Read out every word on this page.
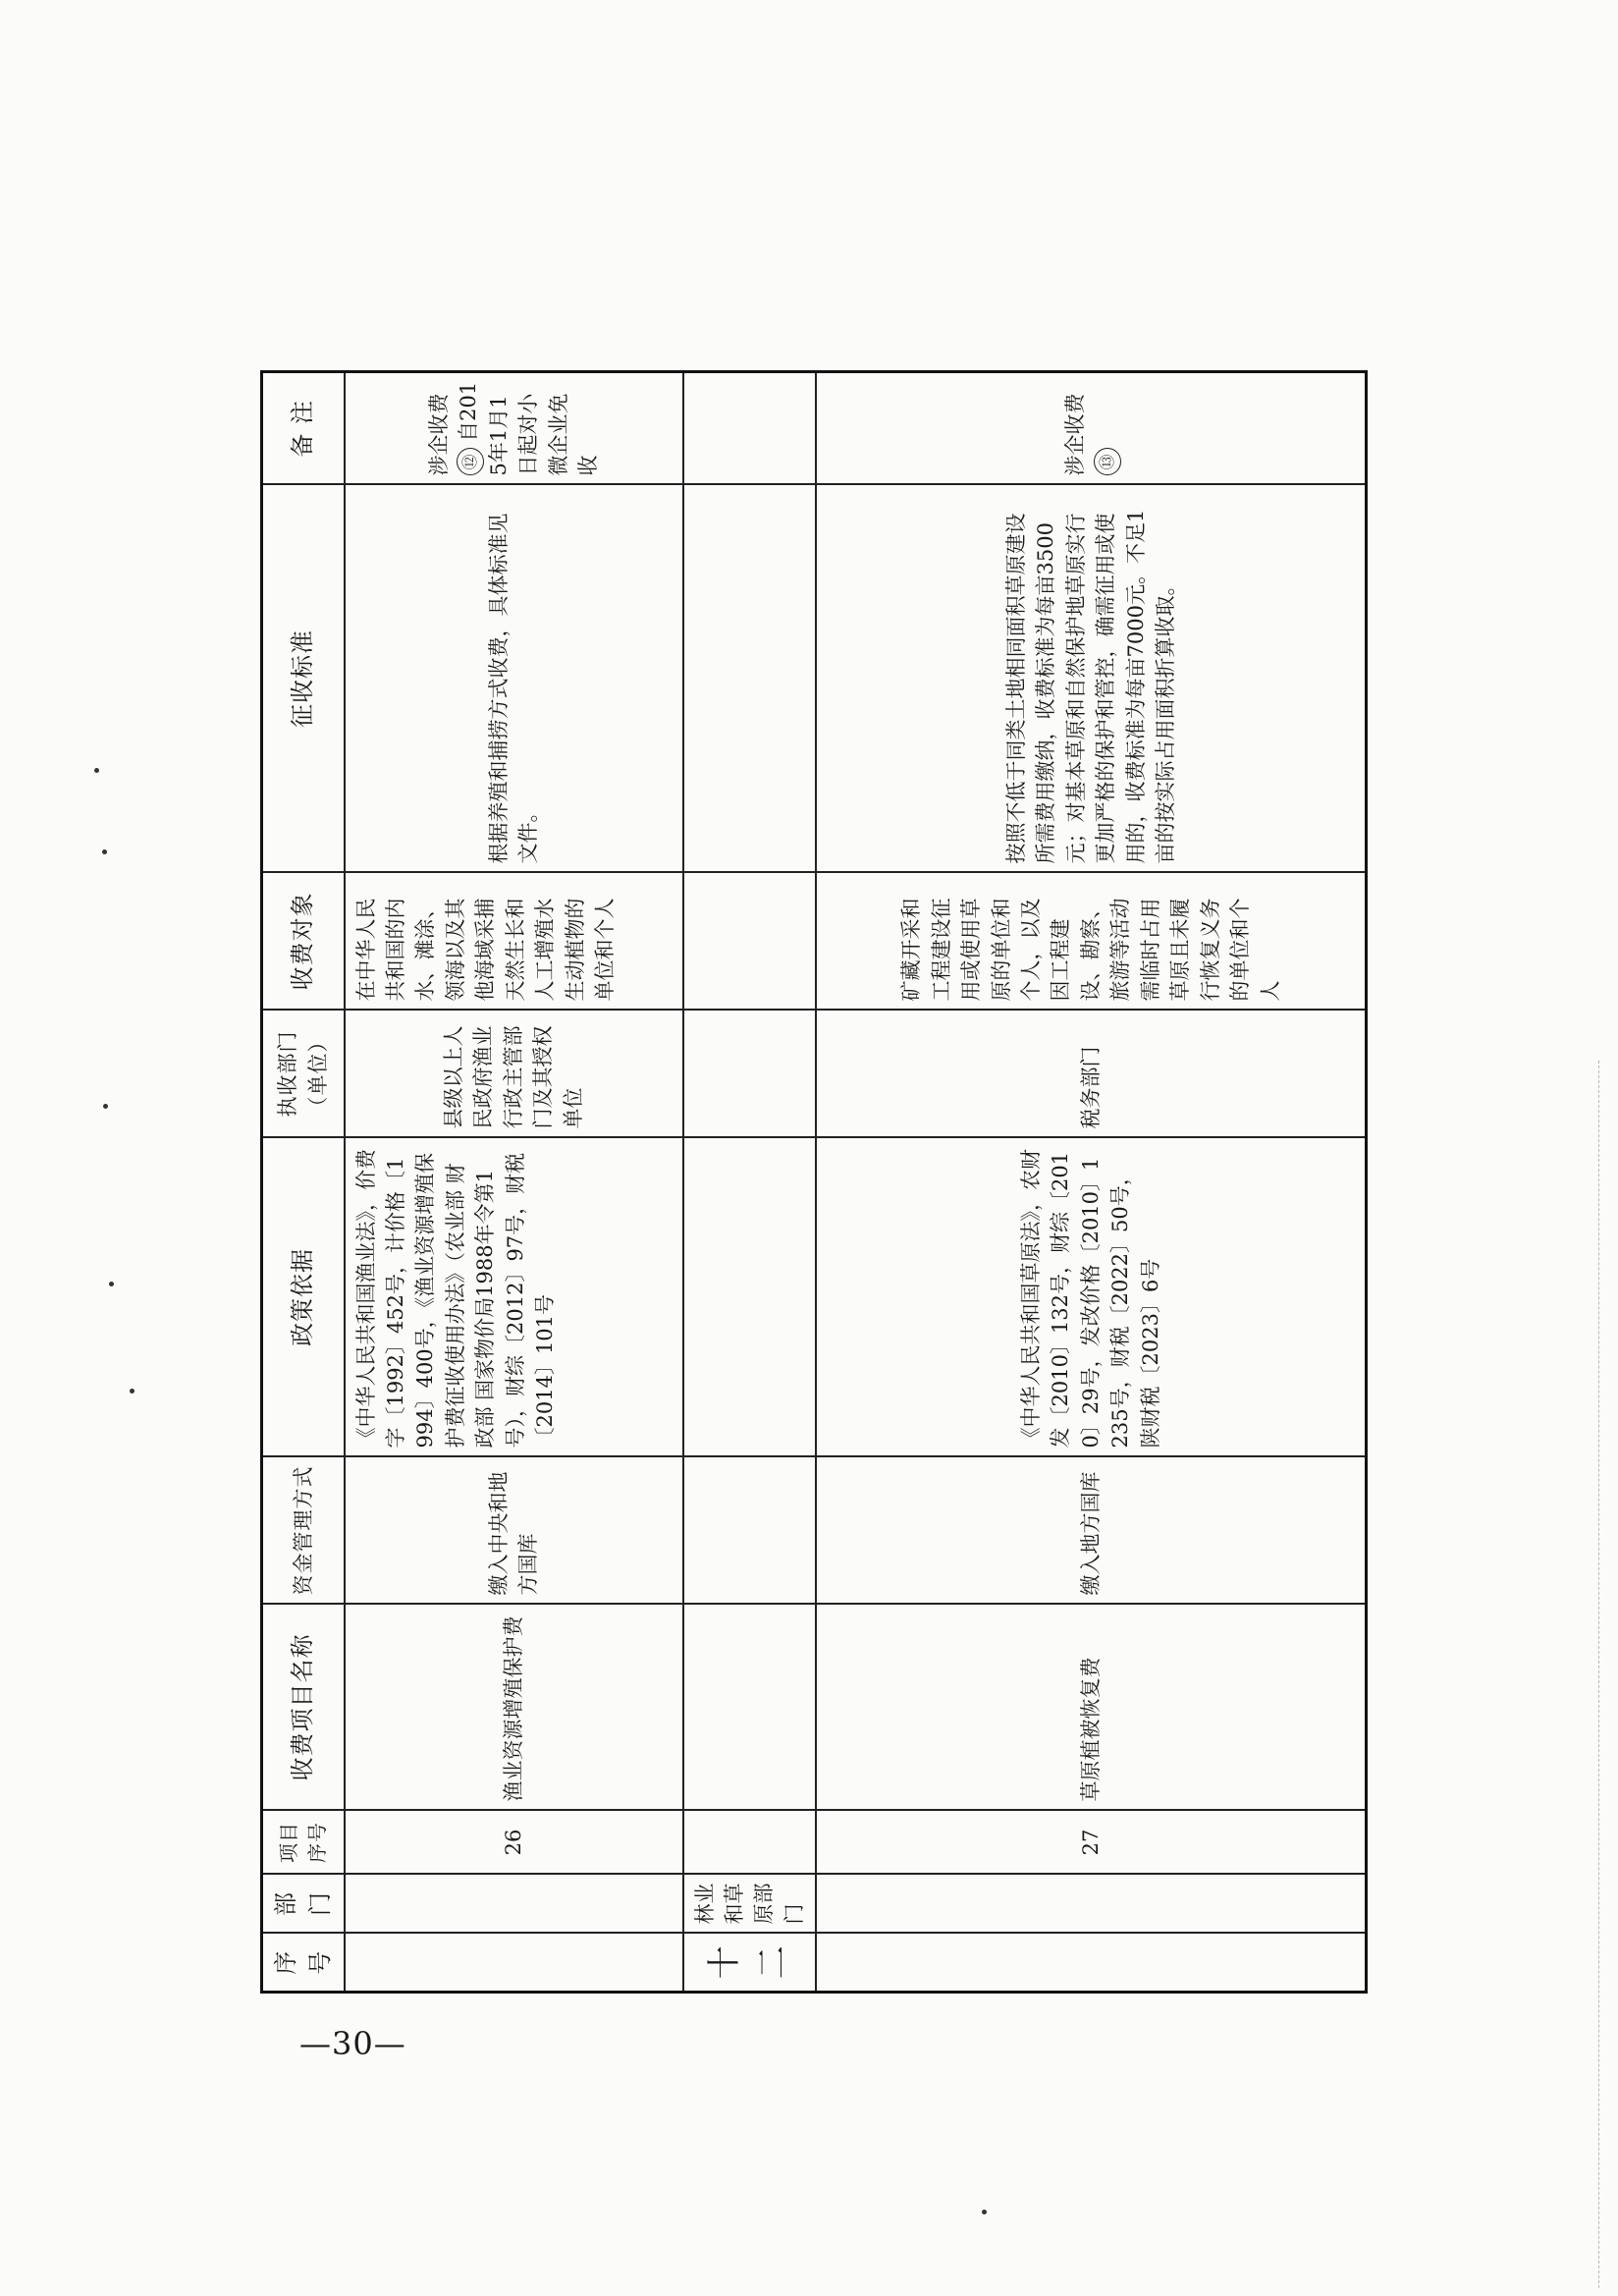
序号	部门	项目序号	收费项目名称	资金管理方式	政策依据	执收部门（单位）	收费对象	征收标准	备 注
		26	渔业资源增殖保护费	缴入中央和地方国库	《中华人民共和国渔业法》，价费字〔1992〕452号，计价格〔1994〕400号，《渔业资源增殖保护费征收使用办法》（农业部 财政部 国家物价局1988年令第1号），财综〔2012〕97号，财税〔2014〕101号	县级以上人民政府渔业行政主管部门及其授权单位	在中华人民共和国的内水、滩涂、领海以及其他海域采捕天然生长和人工增殖水生动植物的单位和个人	根据养殖和捕捞方式收费，具体标准见文件。	涉企收费 ⑫ 自2015年1月1日起对小微企业免收
十二	林业和草原部门								
		27	草原植被恢复费	缴入地方国库	《中华人民共和国草原法》，农财发〔2010〕132号，财综〔2010〕29号，发改价格〔2010〕1235号，财税〔2022〕50号，陕财税〔2023〕6号	税务部门	矿藏开采和工程建设征用或使用草原的单位和个人，以及因工程建设、勘察、旅游等活动需临时占用草原且未履行恢复义务的单位和个人	按照不低于同类土地相同面积草原建设所需费用缴纳，收费标准为每亩3500元；对基本草原和自然保护地草原实行更加严格的保护和管控，确需征用或使用的，收费标准为每亩7000元。不足1亩的按实际占用面积折算收取。	涉企收费 ⑬
—30—
